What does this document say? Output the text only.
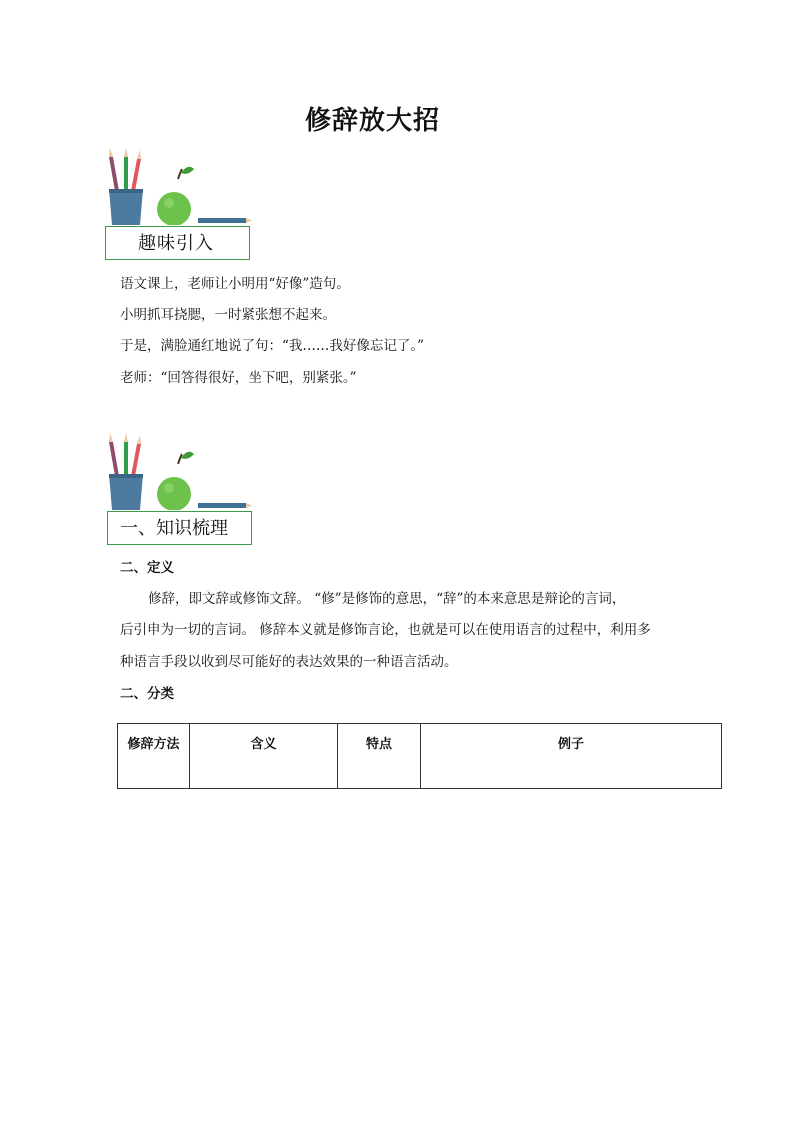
修辞放大招
趣味引入
语文课上，老师让小明用“好像”造句。
小明抓耳挠腮，一时紧张想不起来。
于是，满脸通红地说了句：“我……我好像忘记了。”
老师：“回答得很好，坐下吧，别紧张。”
一、知识梳理
二、定义
修辞，即文辞或修饰文辞。 “修”是修饰的意思，“辞”的本来意思是辩论的言词，
后引申为一切的言词。 修辞本义就是修饰言论，也就是可以在使用语言的过程中，利用多
种语言手段以收到尽可能好的表达效果的一种语言活动。
二、分类
修辞方法	含义	特点	例子
